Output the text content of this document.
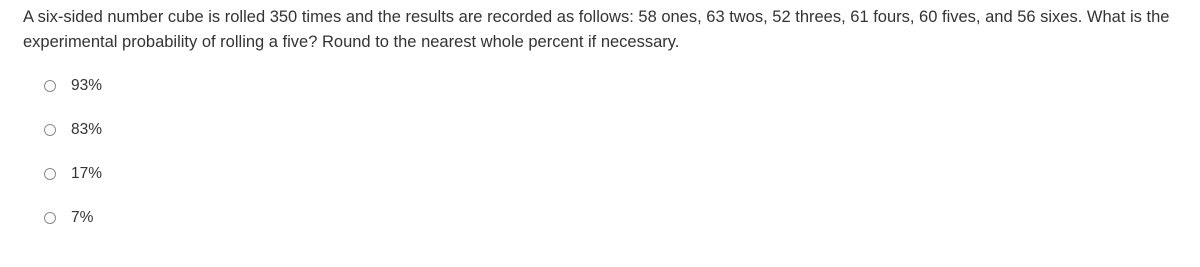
A six-sided number cube is rolled 350 times and the results are recorded as follows: 58 ones, 63 twos, 52 threes, 61 fours, 60 fives, and 56 sixes. What is the experimental probability of rolling a five? Round to the nearest whole percent if necessary.

93%
83%
17%
7%
